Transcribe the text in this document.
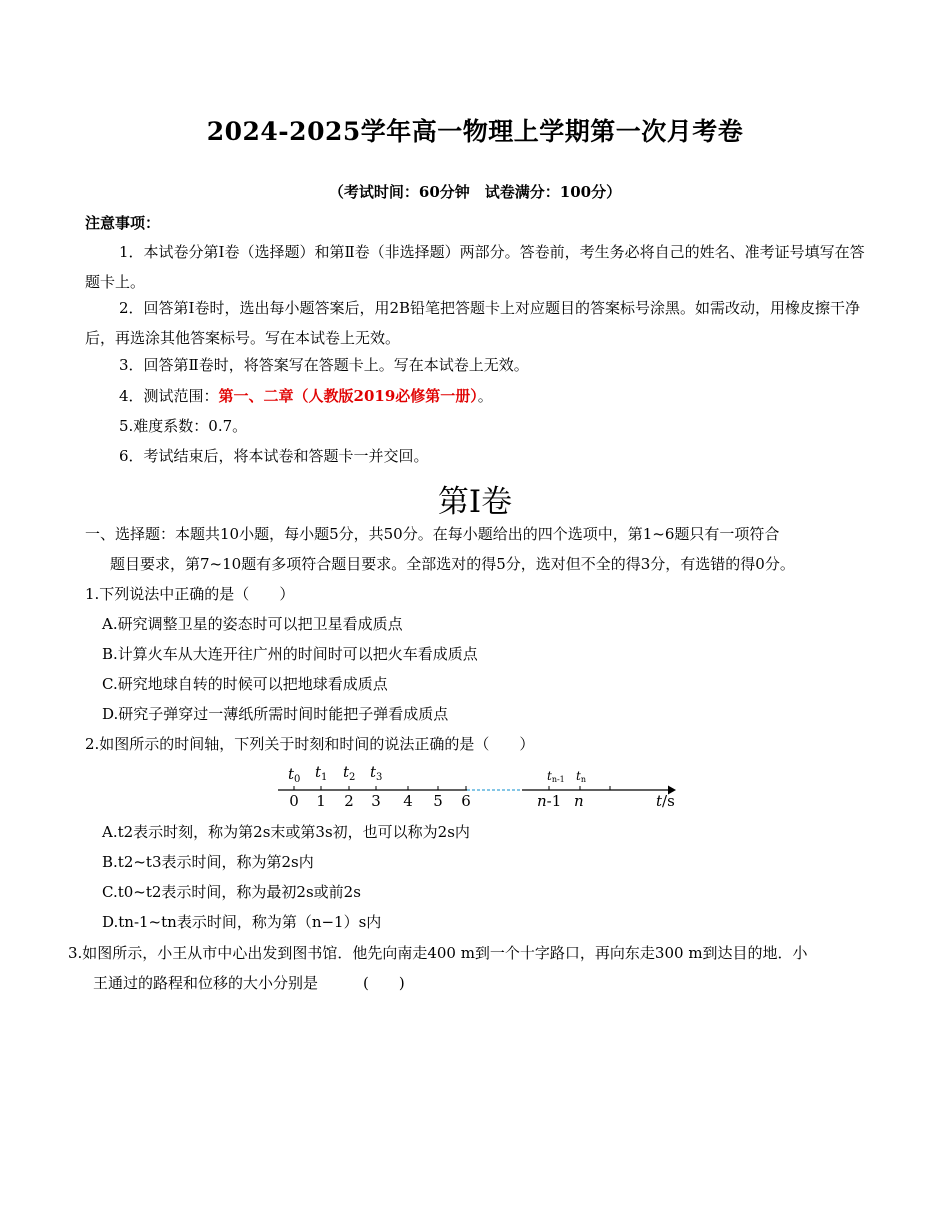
2024-2025学年高一物理上学期第一次月考卷
（考试时间：60分钟　试卷满分：100分）
注意事项：
1．本试卷分第Ⅰ卷（选择题）和第Ⅱ卷（非选择题）两部分。答卷前，考生务必将自己的姓名、准考证号填写在答题卡上。
2．回答第Ⅰ卷时，选出每小题答案后，用2B铅笔把答题卡上对应题目的答案标号涂黑。如需改动，用橡皮擦干净后，再选涂其他答案标号。写在本试卷上无效。
3．回答第Ⅱ卷时，将答案写在答题卡上。写在本试卷上无效。
4．测试范围：第一、二章（人教版2019必修第一册）。
5.难度系数：0.7。
6．考试结束后，将本试卷和答题卡一并交回。
第Ⅰ卷
一、选择题：本题共10小题，每小题5分，共50分。在每小题给出的四个选项中，第1~6题只有一项符合
题目要求，第7~10题有多项符合题目要求。全部选对的得5分，选对但不全的得3分，有选错的得0分。
1.下列说法中正确的是（　　）
A.研究调整卫星的姿态时可以把卫星看成质点
B.计算火车从大连开往广州的时间时可以把火车看成质点
C.研究地球自转的时候可以把地球看成质点
D.研究子弹穿过一薄纸所需时间时能把子弹看成质点
2.如图所示的时间轴，下列关于时刻和时间的说法正确的是（　　）
$t_0$ $t_1$ $t_2$ $t_3$	tn-1 tn
0 1 2 3 4 5 6	n-1 n	t/s
A.t2表示时刻，称为第2s末或第3s初，也可以称为2s内
B.t2~t3表示时间，称为第2s内
C.t0~t2表示时间，称为最初2s或前2s
D.tn-1~tn表示时间，称为第（n−1）s内
3.如图所示，小王从市中心出发到图书馆．他先向南走400 m到一个十字路口，再向东走300 m到达目的地．小
王通过的路程和位移的大小分别是　　　(　　)
